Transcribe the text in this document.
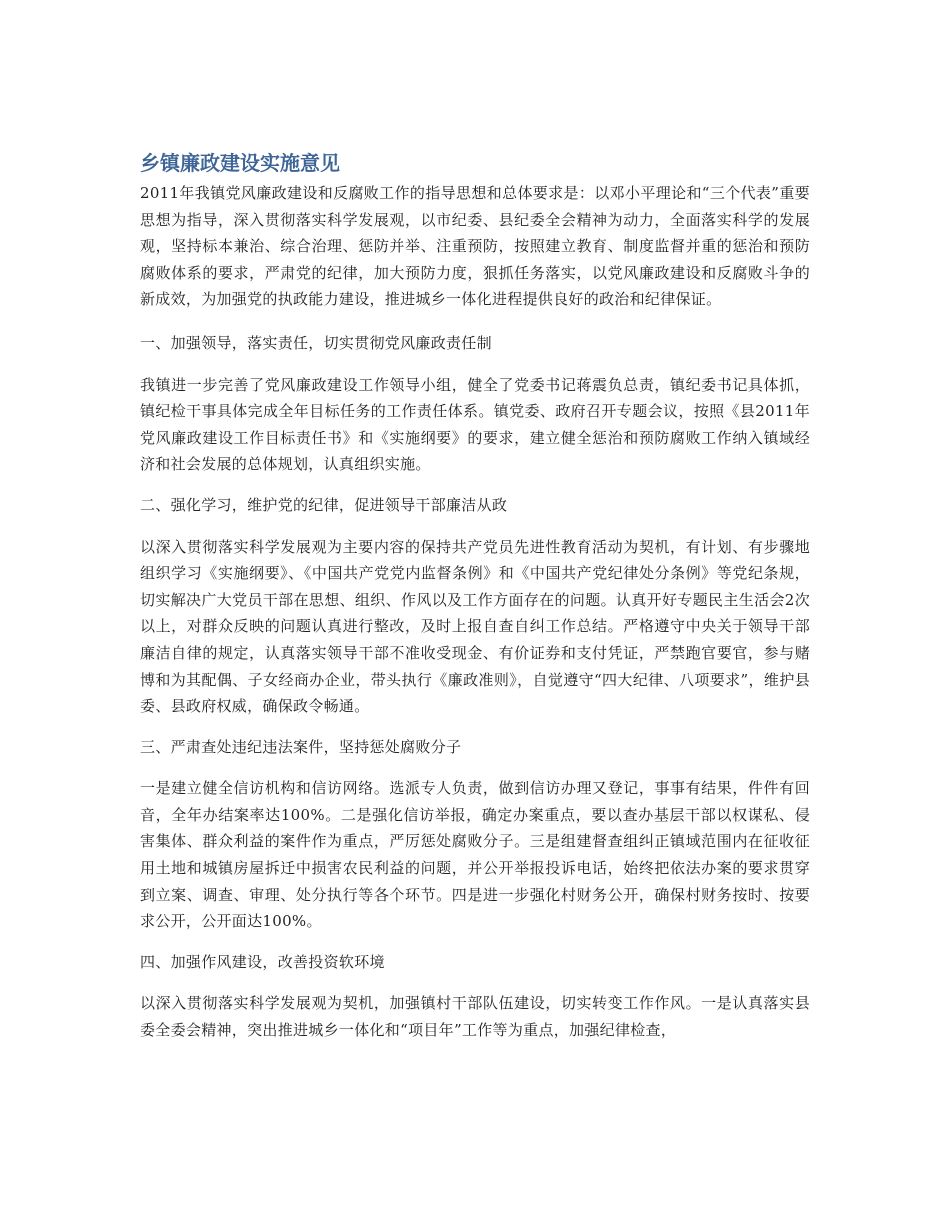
乡镇廉政建设实施意见

2011年我镇党风廉政建设和反腐败工作的指导思想和总体要求是：以邓小平理论和“三个代表”重要思想为指导，深入贯彻落实科学发展观，以市纪委、县纪委全会精神为动力，全面落实科学的发展观，坚持标本兼治、综合治理、惩防并举、注重预防，按照建立教育、制度监督并重的惩治和预防腐败体系的要求，严肃党的纪律，加大预防力度，狠抓任务落实，以党风廉政建设和反腐败斗争的新成效，为加强党的执政能力建设，推进城乡一体化进程提供良好的政治和纪律保证。

一、加强领导，落实责任，切实贯彻党风廉政责任制

我镇进一步完善了党风廉政建设工作领导小组，健全了党委书记蒋震负总责，镇纪委书记具体抓，镇纪检干事具体完成全年目标任务的工作责任体系。镇党委、政府召开专题会议，按照《县2011年党风廉政建设工作目标责任书》和《实施纲要》的要求，建立健全惩治和预防腐败工作纳入镇域经济和社会发展的总体规划，认真组织实施。

二、强化学习，维护党的纪律，促进领导干部廉洁从政

以深入贯彻落实科学发展观为主要内容的保持共产党员先进性教育活动为契机，有计划、有步骤地组织学习《实施纲要》、《中国共产党党内监督条例》和《中国共产党纪律处分条例》等党纪条规，切实解决广大党员干部在思想、组织、作风以及工作方面存在的问题。认真开好专题民主生活会2次以上，对群众反映的问题认真进行整改，及时上报自查自纠工作总结。严格遵守中央关于领导干部廉洁自律的规定，认真落实领导干部不准收受现金、有价证券和支付凭证，严禁跑官要官，参与赌博和为其配偶、子女经商办企业，带头执行《廉政准则》，自觉遵守“四大纪律、八项要求”，维护县委、县政府权威，确保政令畅通。

三、严肃查处违纪违法案件，坚持惩处腐败分子

一是建立健全信访机构和信访网络。选派专人负责，做到信访办理又登记，事事有结果，件件有回音，全年办结案率达100%。二是强化信访举报，确定办案重点，要以查办基层干部以权谋私、侵害集体、群众利益的案件作为重点，严厉惩处腐败分子。三是组建督查组纠正镇域范围内在征收征用土地和城镇房屋拆迁中损害农民利益的问题，并公开举报投诉电话，始终把依法办案的要求贯穿到立案、调查、审理、处分执行等各个环节。四是进一步强化村财务公开，确保村财务按时、按要求公开，公开面达100%。

四、加强作风建设，改善投资软环境

以深入贯彻落实科学发展观为契机，加强镇村干部队伍建设，切实转变工作作风。一是认真落实县委全委会精神，突出推进城乡一体化和“项目年”工作等为重点，加强纪律检查，
